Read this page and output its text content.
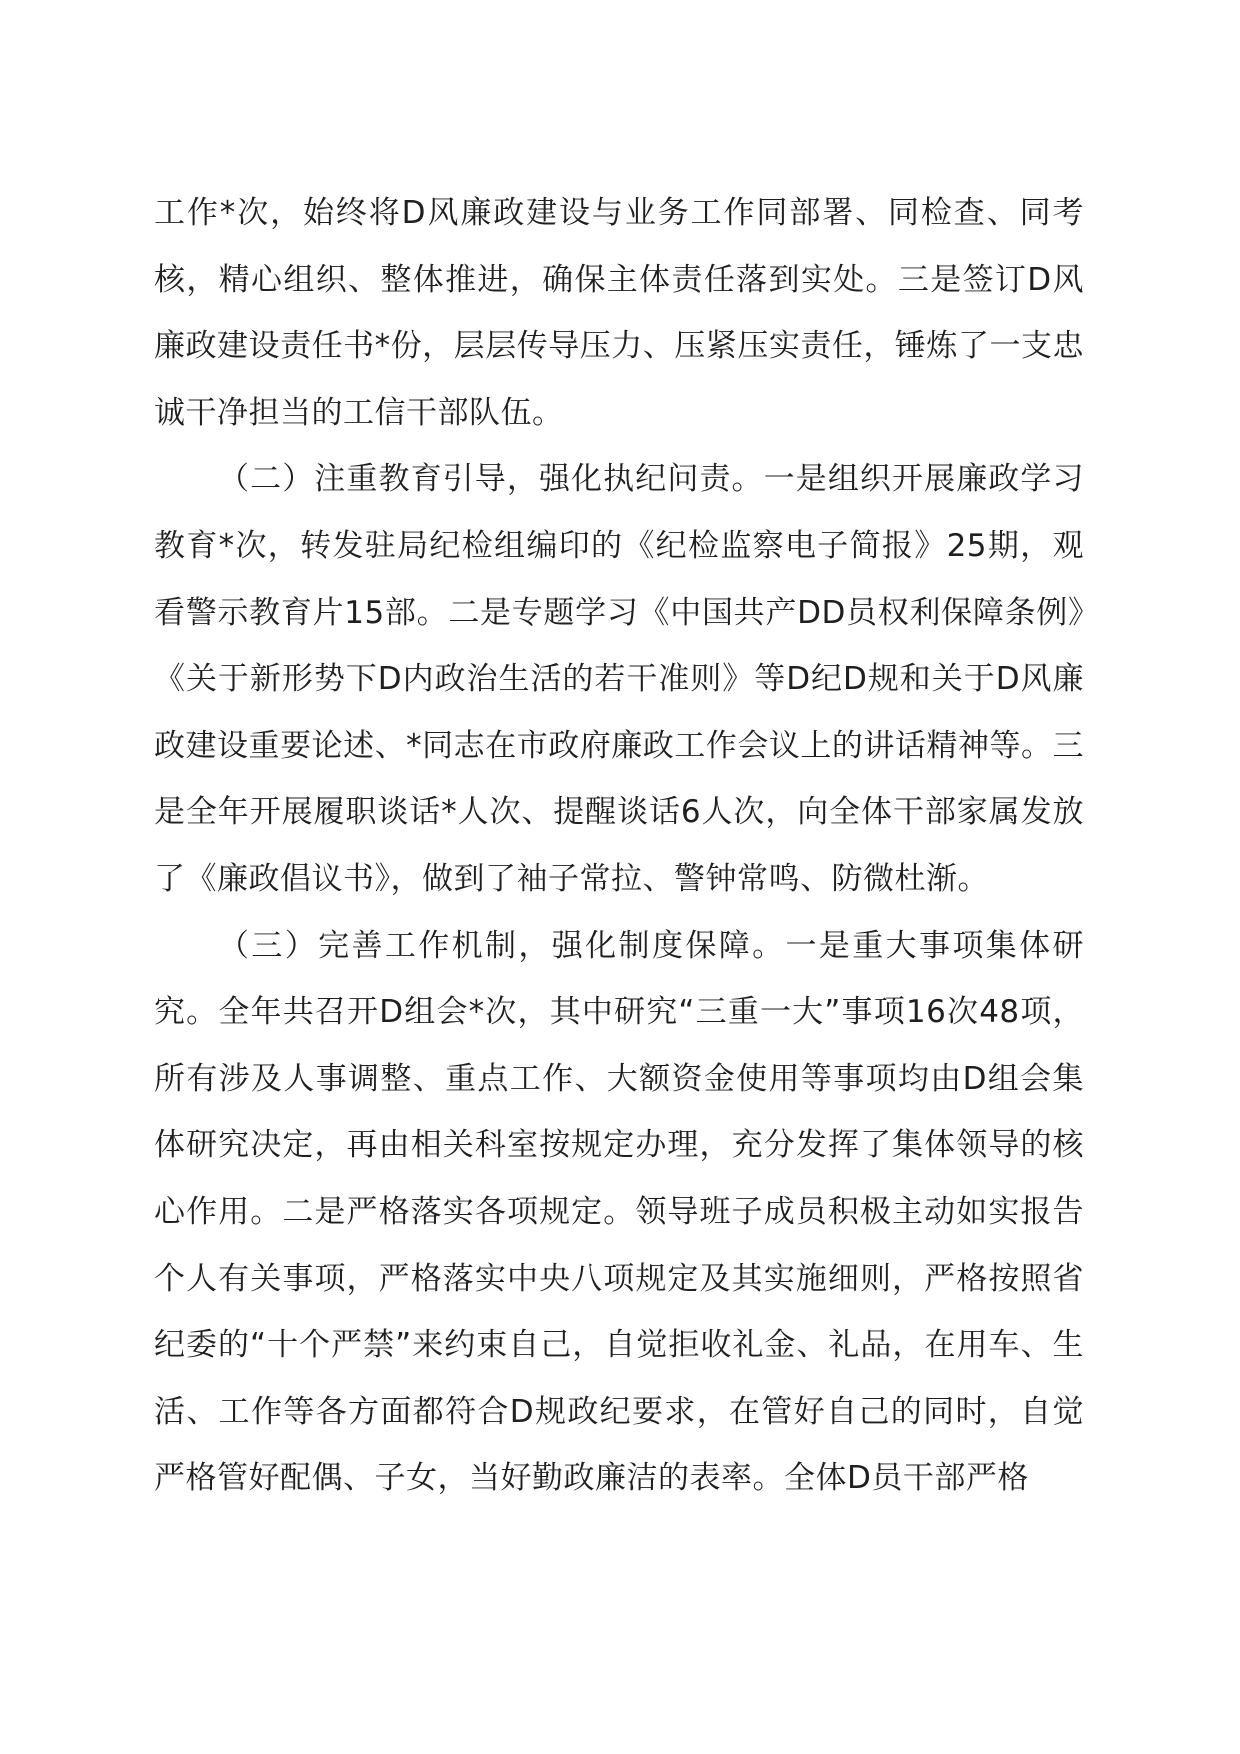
工作*次，始终将D风廉政建设与业务工作同部署、同检查、同考核，精心组织、整体推进，确保主体责任落到实处。三是签订D风廉政建设责任书*份，层层传导压力、压紧压实责任，锤炼了一支忠诚干净担当的工信干部队伍。

（二）注重教育引导，强化执纪问责。一是组织开展廉政学习教育*次，转发驻局纪检组编印的《纪检监察电子简报》25期，观看警示教育片15部。二是专题学习《中国共产DD员权利保障条例》《关于新形势下D内政治生活的若干准则》等D纪D规和关于D风廉政建设重要论述、*同志在市政府廉政工作会议上的讲话精神等。三是全年开展履职谈话*人次、提醒谈话6人次，向全体干部家属发放了《廉政倡议书》，做到了袖子常拉、警钟常鸣、防微杜渐。

（三）完善工作机制，强化制度保障。一是重大事项集体研究。全年共召开D组会*次，其中研究“三重一大”事项16次48项，所有涉及人事调整、重点工作、大额资金使用等事项均由D组会集体研究决定，再由相关科室按规定办理，充分发挥了集体领导的核心作用。二是严格落实各项规定。领导班子成员积极主动如实报告个人有关事项，严格落实中央八项规定及其实施细则，严格按照省纪委的“十个严禁”来约束自己，自觉拒收礼金、礼品，在用车、生活、工作等各方面都符合D规政纪要求，在管好自己的同时，自觉严格管好配偶、子女，当好勤政廉洁的表率。全体D员干部严格
